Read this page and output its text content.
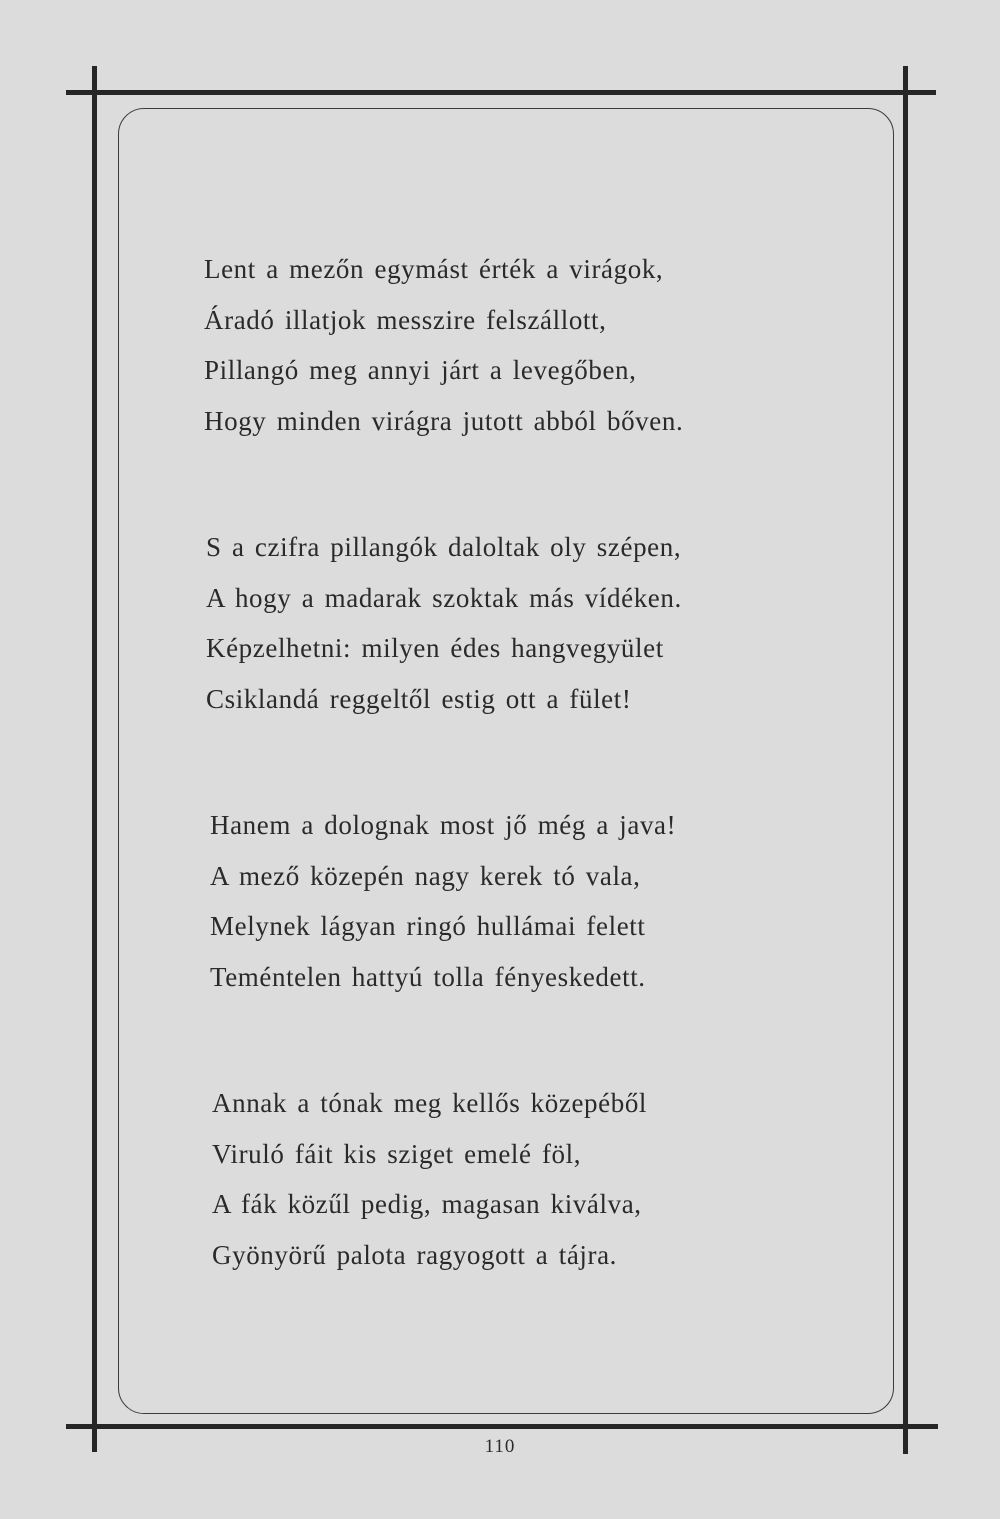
Lent a mezőn egymást érték a virágok,
Áradó illatjok messzire felszállott,
Pillangó meg annyi járt a levegőben,
Hogy minden virágra jutott abból bőven.
S a czifra pillangók daloltak oly szépen,
A hogy a madarak szoktak más vídéken.
Képzelhetni: milyen édes hangvegyület
Csiklandá reggeltől estig ott a fület!
Hanem a dolognak most jő még a java!
A mező közepén nagy kerek tó vala,
Melynek lágyan ringó hullámai felett
Teméntelen hattyú tolla fényeskedett.
Annak a tónak meg kellős közepéből
Viruló fáit kis sziget emelé föl,
A fák közűl pedig, magasan kiválva,
Gyönyörű palota ragyogott a tájra.
110
